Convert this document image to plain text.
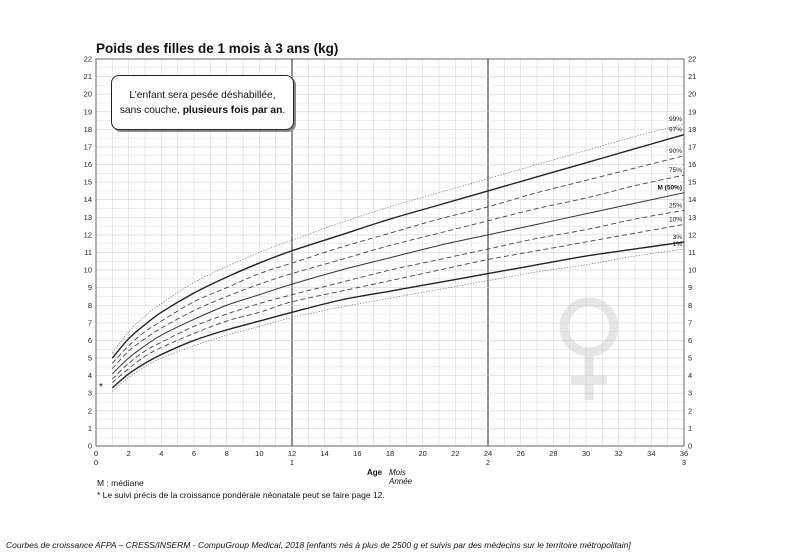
0	0
1	1
2	2
3	3
4	4
5	5
6	6
7	7
8	8
9	9
10	10
11	11
12	12
13	13
14	14
15	15
16	16
17	17
18	18
19	19
20	20
21	21
22	22
0	2	4	6	8	10	12	14	16	18	20	22	24	26	28	30	32	34	36
0	1	2	3
99%
97%
90%
75%
M (50%)
25%
10%
3%
1%
*
Poids des filles de 1 mois à 3 ans (kg)
Age Mois
Année
L’enfant sera pesée déshabillée,
sans couche, plusieurs fois par an.
M : médiane
* Le suivi précis de la croissance pondérale néonatale peut se faire page 12.
Courbes de croissance AFPA – CRESS/INSERM - CompuGroup Medical, 2018 [enfants nés à plus de 2500 g et suivis par des médecins sur le territoire métropolitain]
